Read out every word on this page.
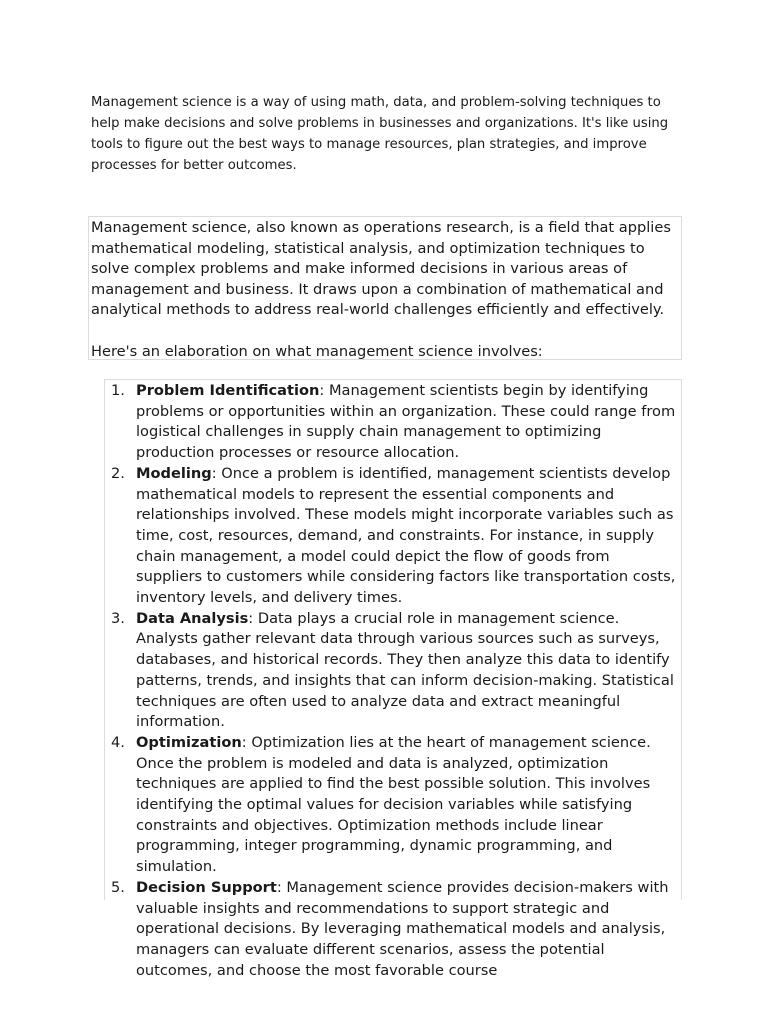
Management science is a way of using math, data, and problem-solving techniques to help make decisions and solve problems in businesses and organizations. It's like using tools to figure out the best ways to manage resources, plan strategies, and improve processes for better outcomes.

Management science, also known as operations research, is a field that applies mathematical modeling, statistical analysis, and optimization techniques to solve complex problems and make informed decisions in various areas of management and business. It draws upon a combination of mathematical and analytical methods to address real-world challenges efficiently and effectively.

Here's an elaboration on what management science involves:

1. Problem Identification: Management scientists begin by identifying problems or opportunities within an organization. These could range from logistical challenges in supply chain management to optimizing production processes or resource allocation.
2. Modeling: Once a problem is identified, management scientists develop mathematical models to represent the essential components and relationships involved. These models might incorporate variables such as time, cost, resources, demand, and constraints. For instance, in supply chain management, a model could depict the flow of goods from suppliers to customers while considering factors like transportation costs, inventory levels, and delivery times.
3. Data Analysis: Data plays a crucial role in management science. Analysts gather relevant data through various sources such as surveys, databases, and historical records. They then analyze this data to identify patterns, trends, and insights that can inform decision-making. Statistical techniques are often used to analyze data and extract meaningful information.
4. Optimization: Optimization lies at the heart of management science. Once the problem is modeled and data is analyzed, optimization techniques are applied to find the best possible solution. This involves identifying the optimal values for decision variables while satisfying constraints and objectives. Optimization methods include linear programming, integer programming, dynamic programming, and simulation.
5. Decision Support: Management science provides decision-makers with valuable insights and recommendations to support strategic and operational decisions. By leveraging mathematical models and analysis, managers can evaluate different scenarios, assess the potential outcomes, and choose the most favorable course
